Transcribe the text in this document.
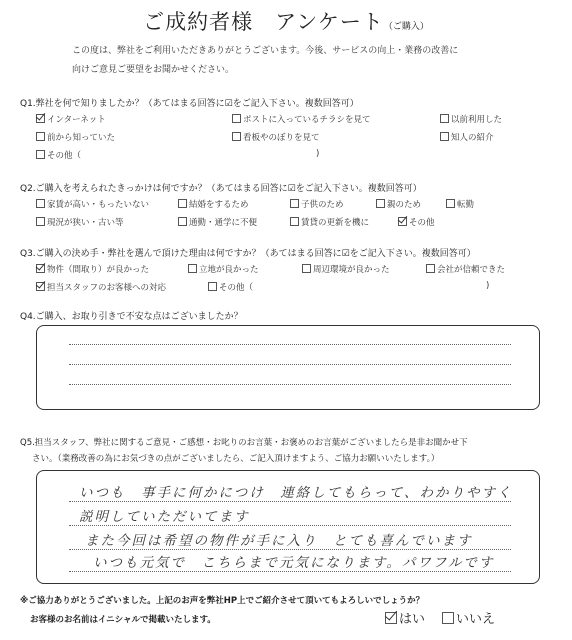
ご成約者様　アンケート（ご購入）
この度は、弊社をご利用いただきありがとうございます。今後、サービスの向上・業務の改善に
向けご意見ご要望をお聞かせください。
Q1.弊社を何で知りましたか？（あてはまる回答に☑をご記入下さい。複数回答可）
インターネット	ポストに入っているチラシを見て	以前利用した
前から知っていた	看板やのぼりを見て	知人の紹介
その他（	)
Q2.ご購入を考えられたきっかけは何ですか？（あてはまる回答に☑をご記入下さい。複数回答可）
家賃が高い・もったいない	結婚をするため	子供のため	親のため	転勤
現況が狭い・古い等	通勤・通学に不便	賃貸の更新を機に	その他
Q3.ご購入の決め手・弊社を選んで頂けた理由は何ですか？（あてはまる回答に☑をご記入下さい。複数回答可）
物件（間取り）が良かった	立地が良かった	周辺環境が良かった	会社が信頼できた
担当スタッフのお客様への対応	その他（	)
Q4.ご購入、お取り引きで不安な点はございましたか？
Q5.担当スタッフ、弊社に関するご意見・ご感想・お叱りのお言葉・お褒めのお言葉がございましたら是非お聞かせ下
さい。（業務改善の為にお気づきの点がございましたら、ご記入頂けますよう、ご協力お願いいたします。）
いつも　事手に何かにつけ　連絡してもらって、わかりやすく
説明していただいてます
また今回は希望の物件が手に入り　とても喜んでいます
いつも元気で　こちらまで元気になります。パワフルです
※ご協力ありがとうございました。上記のお声を弊社HP上でご紹介させて頂いてもよろしいでしょうか？
お客様のお名前はイニシャルで掲載いたします。	はい	いいえ
